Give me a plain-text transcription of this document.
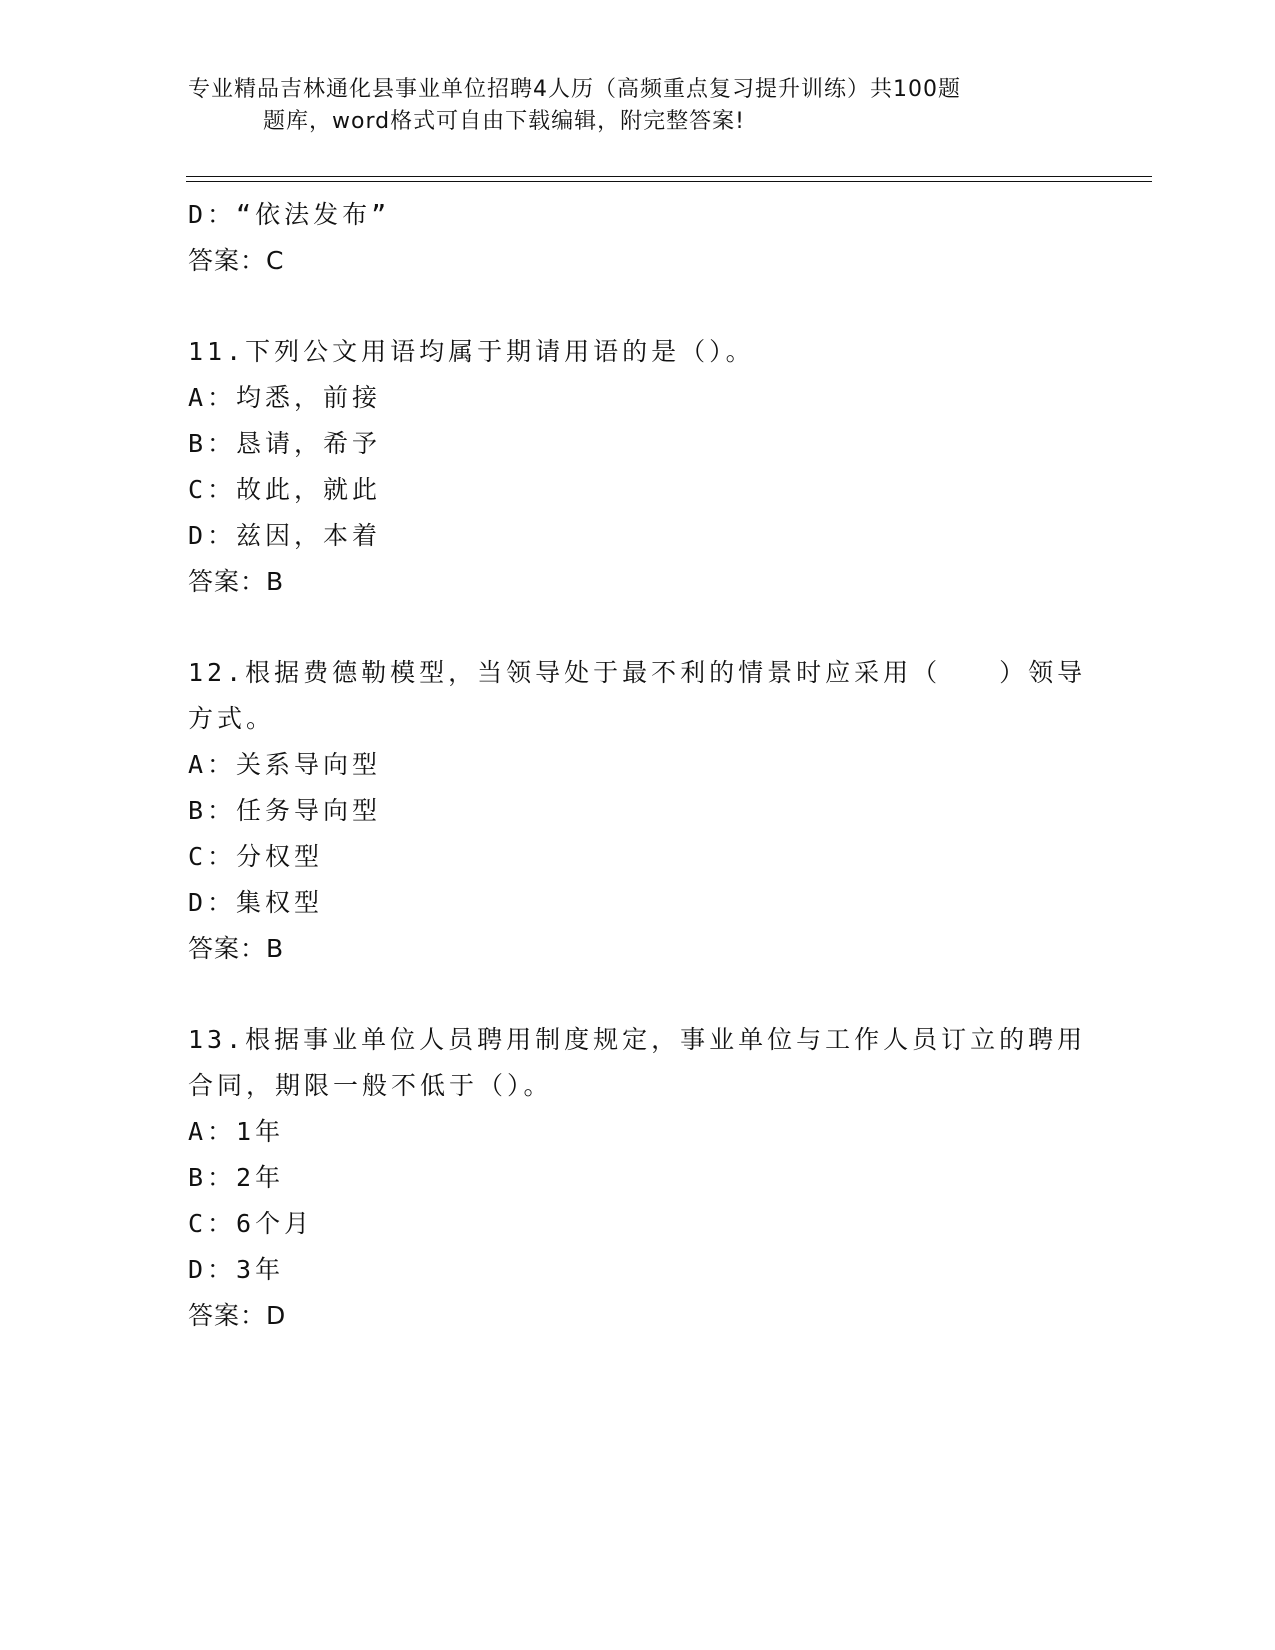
专业精品吉林通化县事业单位招聘4人历（高频重点复习提升训练）共100题
题库，word格式可自由下载编辑，附完整答案!
D：“依法发布”
答案：C
11.下列公文用语均属于期请用语的是（）。
A：均悉，前接
B：恳请，希予
C：故此，就此
D：兹因，本着
答案：B
12.根据费德勒模型，当领导处于最不利的情景时应采用（　　）领导
方式。
A：关系导向型
B：任务导向型
C：分权型
D：集权型
答案：B
13.根据事业单位人员聘用制度规定，事业单位与工作人员订立的聘用
合同，期限一般不低于（）。
A：1年
B：2年
C：6个月
D：3年
答案：D
